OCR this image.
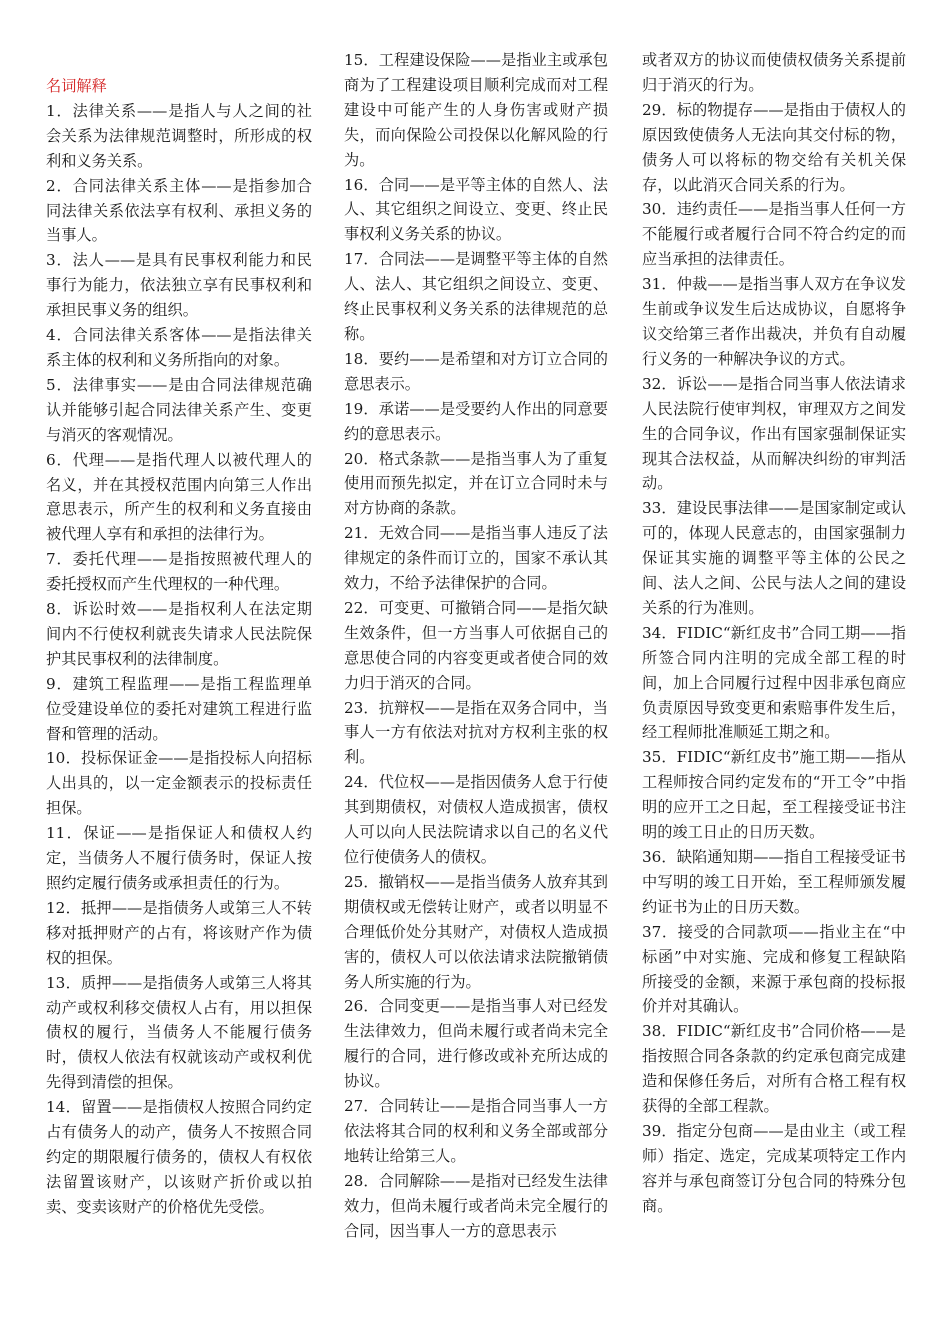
名词解释

1．法律关系——是指人与人之间的社会关系为法律规范调整时，所形成的权利和义务关系。

2．合同法律关系主体——是指参加合同法律关系依法享有权利、承担义务的当事人。

3．法人——是具有民事权利能力和民事行为能力，依法独立享有民事权利和承担民事义务的组织。

4．合同法律关系客体——是指法律关系主体的权利和义务所指向的对象。

5．法律事实——是由合同法律规范确认并能够引起合同法律关系产生、变更与消灭的客观情况。

6．代理——是指代理人以被代理人的名义，并在其授权范围内向第三人作出意思表示，所产生的权利和义务直接由被代理人享有和承担的法律行为。

7．委托代理——是指按照被代理人的委托授权而产生代理权的一种代理。

8．诉讼时效——是指权利人在法定期间内不行使权利就丧失请求人民法院保护其民事权利的法律制度。

9．建筑工程监理——是指工程监理单位受建设单位的委托对建筑工程进行监督和管理的活动。

10．投标保证金——是指投标人向招标人出具的，以一定金额表示的投标责任担保。

11．保证——是指保证人和债权人约定，当债务人不履行债务时，保证人按照约定履行债务或承担责任的行为。

12．抵押——是指债务人或第三人不转移对抵押财产的占有，将该财产作为债权的担保。

13．质押——是指债务人或第三人将其动产或权利移交债权人占有，用以担保债权的履行，当债务人不能履行债务时，债权人依法有权就该动产或权利优先得到清偿的担保。

14．留置——是指债权人按照合同约定占有债务人的动产，债务人不按照合同约定的期限履行债务的，债权人有权依法留置该财产，以该财产折价或以拍卖、变卖该财产的价格优先受偿。

15．工程建设保险——是指业主或承包商为了工程建设项目顺利完成而对工程建设中可能产生的人身伤害或财产损失，而向保险公司投保以化解风险的行为。

16．合同——是平等主体的自然人、法人、其它组织之间设立、变更、终止民事权利义务关系的协议。

17．合同法——是调整平等主体的自然人、法人、其它组织之间设立、变更、终止民事权利义务关系的法律规范的总称。

18．要约——是希望和对方订立合同的意思表示。

19．承诺——是受要约人作出的同意要约的意思表示。

20．格式条款——是指当事人为了重复使用而预先拟定，并在订立合同时未与对方协商的条款。

21．无效合同——是指当事人违反了法律规定的条件而订立的，国家不承认其效力，不给予法律保护的合同。

22．可变更、可撤销合同——是指欠缺生效条件，但一方当事人可依据自己的意思使合同的内容变更或者使合同的效力归于消灭的合同。

23．抗辩权——是指在双务合同中，当事人一方有依法对抗对方权利主张的权利。

24．代位权——是指因债务人怠于行使其到期债权，对债权人造成损害，债权人可以向人民法院请求以自己的名义代位行使债务人的债权。

25．撤销权——是指当债务人放弃其到期债权或无偿转让财产，或者以明显不合理低价处分其财产，对债权人造成损害的，债权人可以依法请求法院撤销债务人所实施的行为。

26．合同变更——是指当事人对已经发生法律效力，但尚未履行或者尚未完全履行的合同，进行修改或补充所达成的协议。

27．合同转让——是指合同当事人一方依法将其合同的权利和义务全部或部分地转让给第三人。

28．合同解除——是指对已经发生法律效力，但尚未履行或者尚未完全履行的合同，因当事人一方的意思表示

或者双方的协议而使债权债务关系提前归于消灭的行为。

29．标的物提存——是指由于债权人的原因致使债务人无法向其交付标的物，债务人可以将标的物交给有关机关保存，以此消灭合同关系的行为。

30．违约责任——是指当事人任何一方不能履行或者履行合同不符合约定的而应当承担的法律责任。

31．仲裁——是指当事人双方在争议发生前或争议发生后达成协议，自愿将争议交给第三者作出裁决，并负有自动履行义务的一种解决争议的方式。

32．诉讼——是指合同当事人依法请求人民法院行使审判权，审理双方之间发生的合同争议，作出有国家强制保证实现其合法权益，从而解决纠纷的审判活动。

33．建设民事法律——是国家制定或认可的，体现人民意志的，由国家强制力保证其实施的调整平等主体的公民之间、法人之间、公民与法人之间的建设关系的行为准则。

34．FIDIC“新红皮书”合同工期——指所签合同内注明的完成全部工程的时间，加上合同履行过程中因非承包商应负责原因导致变更和索赔事件发生后，经工程师批准顺延工期之和。

35．FIDIC“新红皮书”施工期——指从工程师按合同约定发布的“开工令”中指明的应开工之日起，至工程接受证书注明的竣工日止的日历天数。

36．缺陷通知期——指自工程接受证书中写明的竣工日开始，至工程师颁发履约证书为止的日历天数。

37．接受的合同款项——指业主在“中标函”中对实施、完成和修复工程缺陷所接受的金额，来源于承包商的投标报价并对其确认。

38．FIDIC“新红皮书”合同价格——是指按照合同各条款的约定承包商完成建造和保修任务后，对所有合格工程有权获得的全部工程款。

39．指定分包商——是由业主（或工程师）指定、选定，完成某项特定工作内容并与承包商签订分包合同的特殊分包商。
